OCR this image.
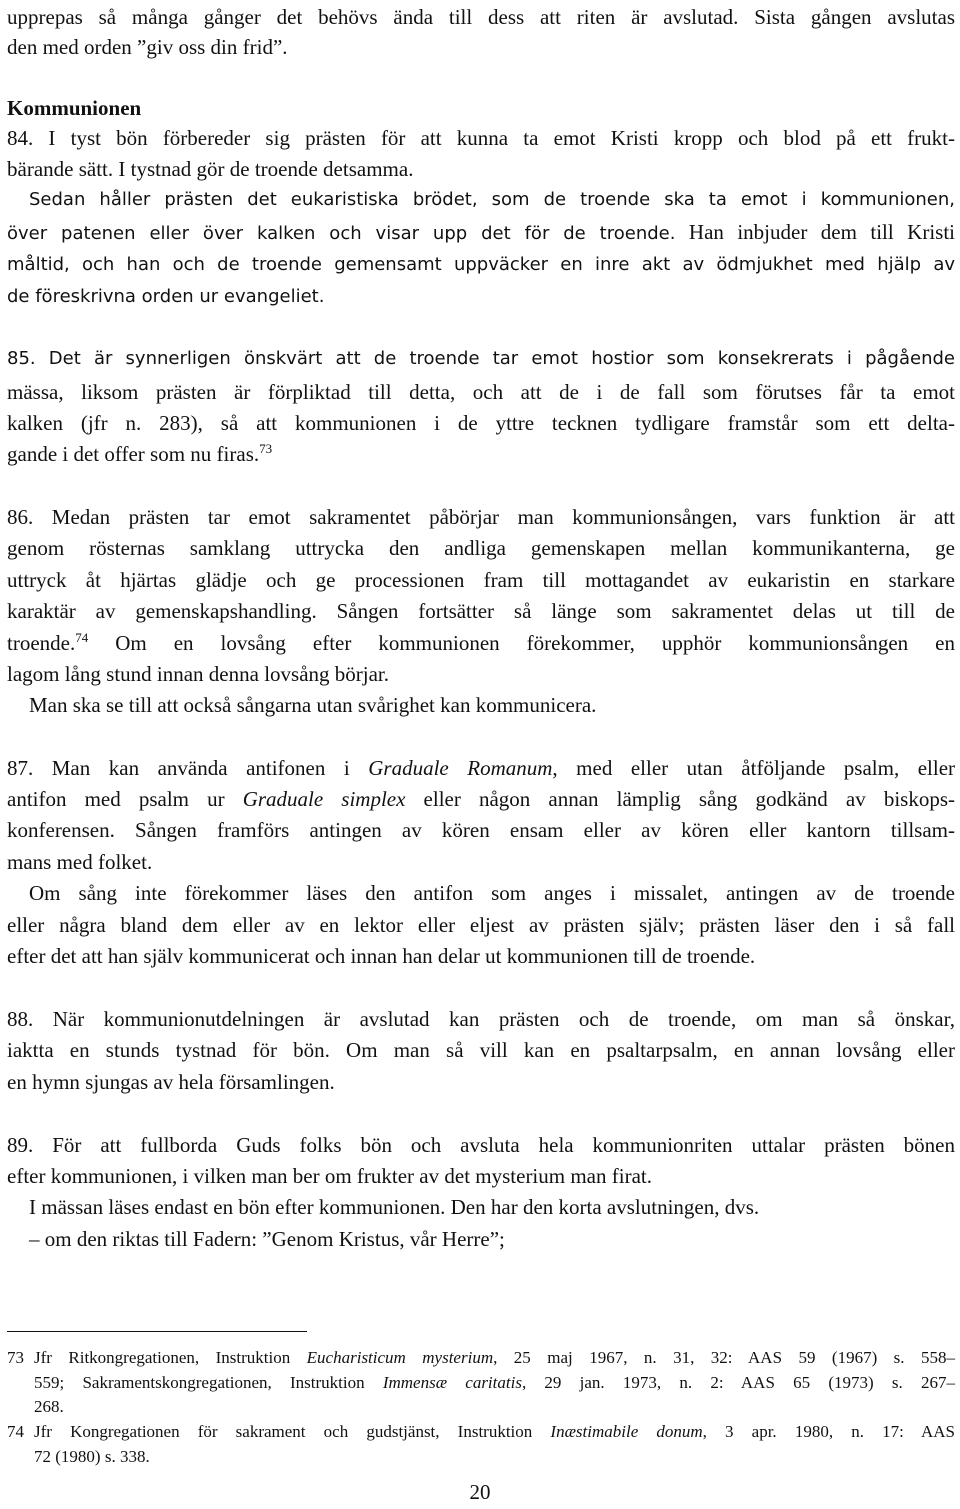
upprepas så många gånger det behövs ända till dess att riten är avslutad. Sista gången avslutas
den med orden ”giv oss din frid”.
Kommunionen
84. I tyst bön förbereder sig prästen för att kunna ta emot Kristi kropp och blod på ett frukt-
bärande sätt. I tystnad gör de troende detsamma.
Sedan håller prästen det eukaristiska brödet, som de troende ska ta emot i kommunionen,
över patenen eller över kalken och visar upp det för de troende. Han inbjuder dem till Kristi
måltid, och han och de troende gemensamt uppväcker en inre akt av ödmjukhet med hjälp av
de föreskrivna orden ur evangeliet.
85. Det är synnerligen önskvärt att de troende tar emot hostior som konsekrerats i pågående
mässa, liksom prästen är förpliktad till detta, och att de i de fall som förutses får ta emot
kalken (jfr n. 283), så att kommunionen i de yttre tecknen tydligare framstår som ett delta-
gande i det offer som nu firas.$^{73}$
86. Medan prästen tar emot sakramentet påbörjar man kommunionsången, vars funktion är att
genom rösternas samklang uttrycka den andliga gemenskapen mellan kommunikanterna, ge
uttryck åt hjärtas glädje och ge processionen fram till mottagandet av eukaristin en starkare
karaktär av gemenskapshandling. Sången fortsätter så länge som sakramentet delas ut till de
troende.$^{74}$ Om en lovsång efter kommunionen förekommer, upphör kommunionsången en
lagom lång stund innan denna lovsång börjar.
Man ska se till att också sångarna utan svårighet kan kommunicera.
87. Man kan använda antifonen i Graduale Romanum, med eller utan åtföljande psalm, eller
antifon med psalm ur Graduale simplex eller någon annan lämplig sång godkänd av biskops-
konferensen. Sången framförs antingen av kören ensam eller av kören eller kantorn tillsam-
mans med folket.
Om sång inte förekommer läses den antifon som anges i missalet, antingen av de troende
eller några bland dem eller av en lektor eller eljest av prästen själv; prästen läser den i så fall
efter det att han själv kommunicerat och innan han delar ut kommunionen till de troende.
88. När kommunionutdelningen är avslutad kan prästen och de troende, om man så önskar,
iaktta en stunds tystnad för bön. Om man så vill kan en psaltarpsalm, en annan lovsång eller
en hymn sjungas av hela församlingen.
89. För att fullborda Guds folks bön och avsluta hela kommunionriten uttalar prästen bönen
efter kommunionen, i vilken man ber om frukter av det mysterium man firat.
I mässan läses endast en bön efter kommunionen. Den har den korta avslutningen, dvs.
– om den riktas till Fadern: ”Genom Kristus, vår Herre”;
73 Jfr Ritkongregationen, Instruktion Eucharisticum mysterium, 25 maj 1967, n. 31, 32: AAS 59 (1967) s. 558–
559; Sakramentskongregationen, Instruktion Immensæ caritatis, 29 jan. 1973, n. 2: AAS 65 (1973) s. 267–
268.
74 Jfr Kongregationen för sakrament och gudstjänst, Instruktion Inæstimabile donum, 3 apr. 1980, n. 17: AAS
72 (1980) s. 338.
20
